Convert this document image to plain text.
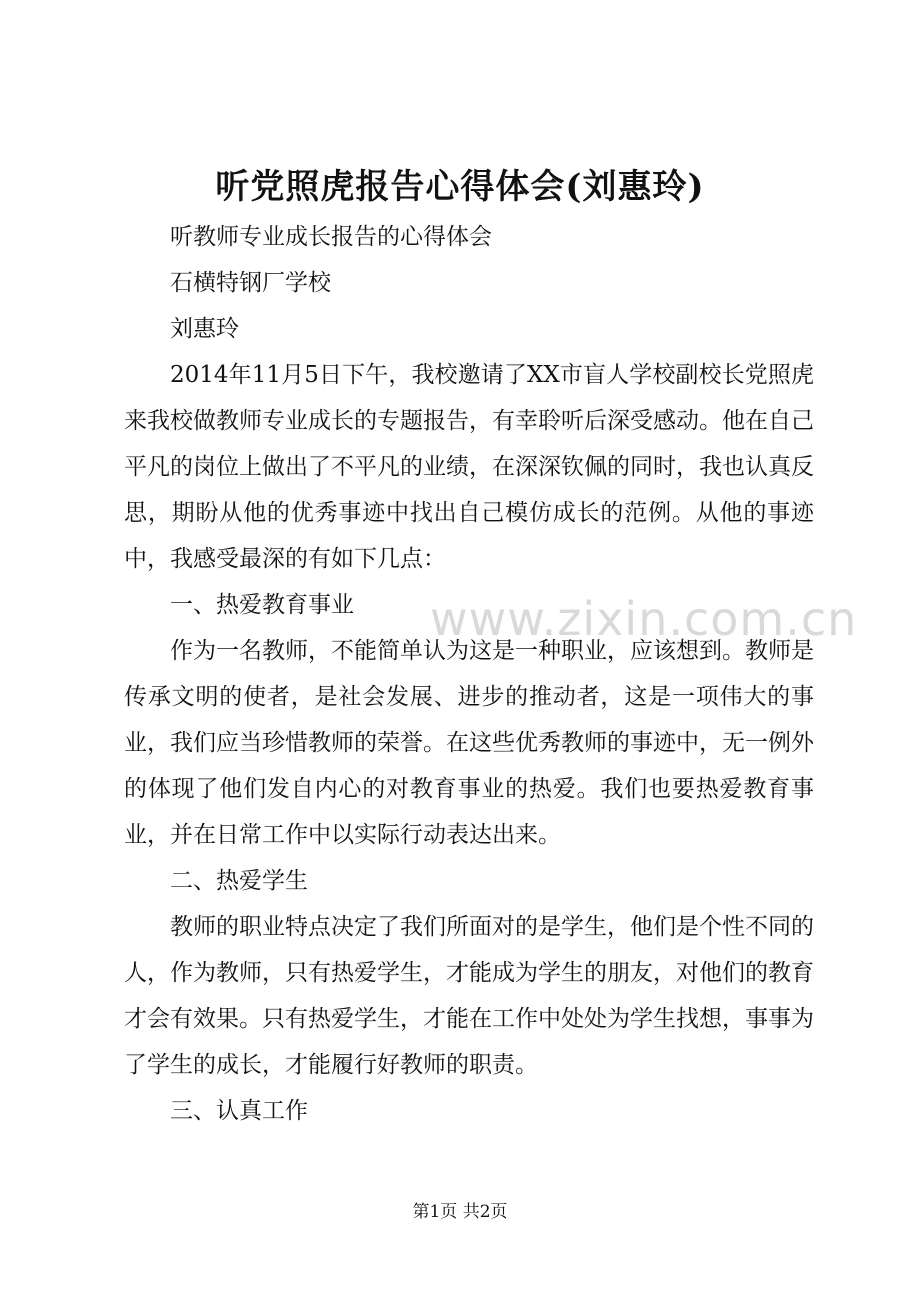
听党照虎报告心得体会(刘惠玲)

听教师专业成长报告的心得体会

石横特钢厂学校

刘惠玲

2014年11月5日下午，我校邀请了XX市盲人学校副校长党照虎来我校做教师专业成长的专题报告，有幸聆听后深受感动。他在自己平凡的岗位上做出了不平凡的业绩，在深深钦佩的同时，我也认真反思，期盼从他的优秀事迹中找出自己模仿成长的范例。从他的事迹中，我感受最深的有如下几点：

一、热爱教育事业

作为一名教师，不能简单认为这是一种职业，应该想到。教师是传承文明的使者，是社会发展、进步的推动者，这是一项伟大的事业，我们应当珍惜教师的荣誉。在这些优秀教师的事迹中，无一例外的体现了他们发自内心的对教育事业的热爱。我们也要热爱教育事业，并在日常工作中以实际行动表达出来。

二、热爱学生

教师的职业特点决定了我们所面对的是学生，他们是个性不同的人，作为教师，只有热爱学生，才能成为学生的朋友，对他们的教育才会有效果。只有热爱学生，才能在工作中处处为学生找想，事事为了学生的成长，才能履行好教师的职责。

三、认真工作

www.zixin.com.cn

第1页 共2页
